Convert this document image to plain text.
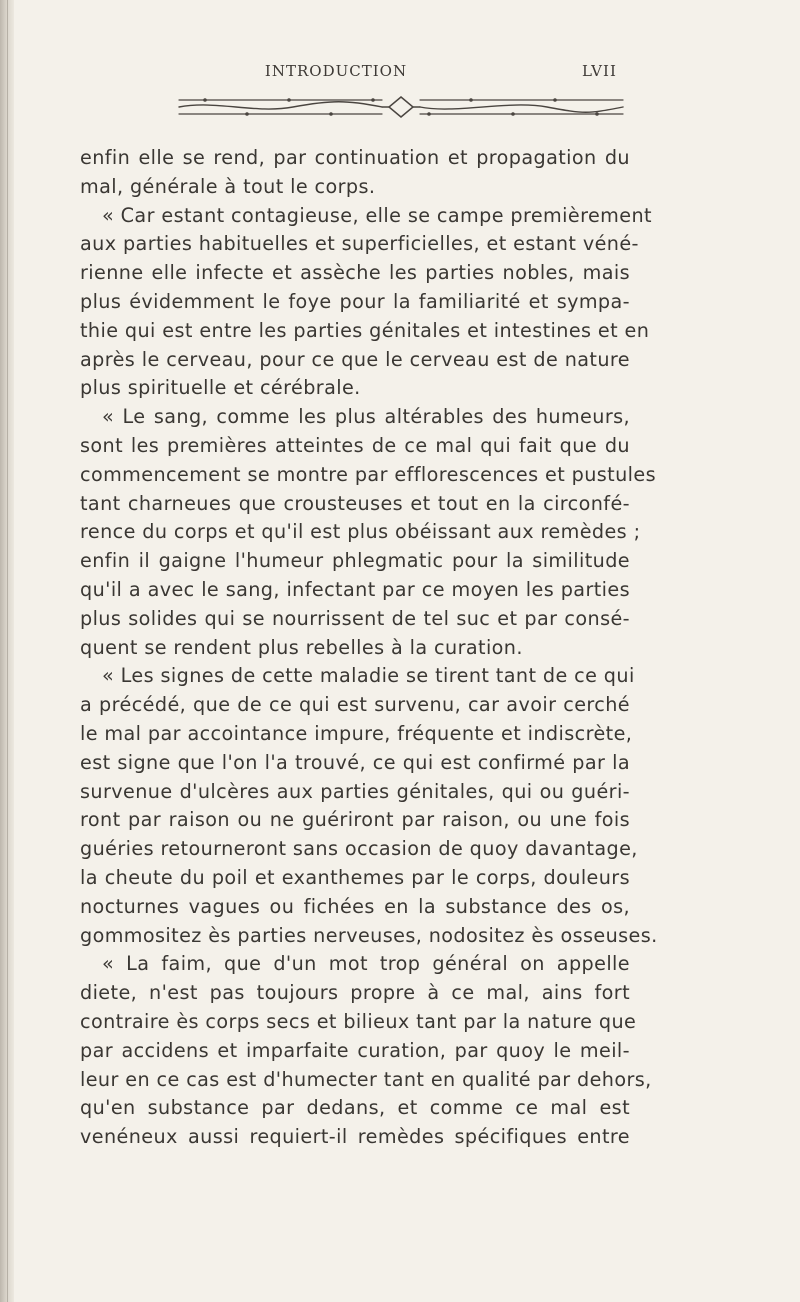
INTRODUCTION	LVII
enfin elle se rend, par continuation et propagation du
mal, générale à tout le corps.
« Car estant contagieuse, elle se campe premièrement
aux parties habituelles et superficielles, et estant véné-
rienne elle infecte et assèche les parties nobles, mais
plus évidemment le foye pour la familiarité et sympa-
thie qui est entre les parties génitales et intestines et en
après le cerveau, pour ce que le cerveau est de nature
plus spirituelle et cérébrale.
« Le sang, comme les plus altérables des humeurs,
sont les premières atteintes de ce mal qui fait que du
commencement se montre par efflorescences et pustules
tant charneues que crousteuses et tout en la circonfé-
rence du corps et qu'il est plus obéissant aux remèdes ;
enfin il gaigne l'humeur phlegmatic pour la similitude
qu'il a avec le sang, infectant par ce moyen les parties
plus solides qui se nourrissent de tel suc et par consé-
quent se rendent plus rebelles à la curation.
« Les signes de cette maladie se tirent tant de ce qui
a précédé, que de ce qui est survenu, car avoir cerché
le mal par accointance impure, fréquente et indiscrète,
est signe que l'on l'a trouvé, ce qui est confirmé par la
survenue d'ulcères aux parties génitales, qui ou guéri-
ront par raison ou ne guériront par raison, ou une fois
guéries retourneront sans occasion de quoy davantage,
la cheute du poil et exanthemes par le corps, douleurs
nocturnes vagues ou fichées en la substance des os,
gommositez ès parties nerveuses, nodositez ès osseuses.
« La faim, que d'un mot trop général on appelle
diete, n'est pas toujours propre à ce mal, ains fort
contraire ès corps secs et bilieux tant par la nature que
par accidens et imparfaite curation, par quoy le meil-
leur en ce cas est d'humecter tant en qualité par dehors,
qu'en substance par dedans, et comme ce mal est
venéneux aussi requiert-il remèdes spécifiques entre
